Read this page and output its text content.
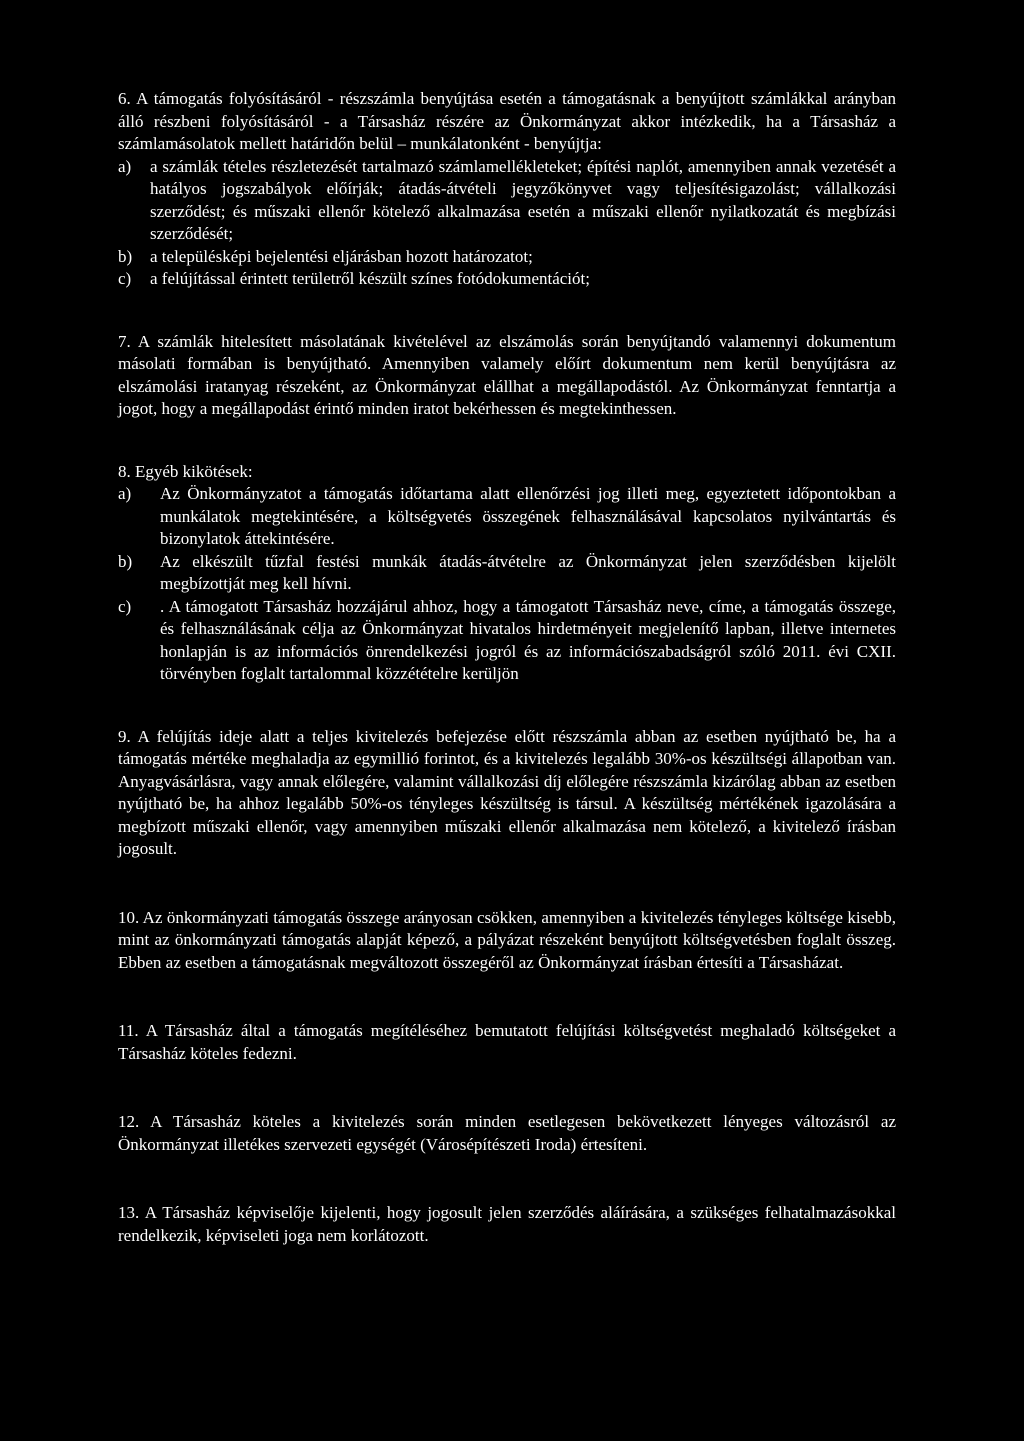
6. A támogatás folyósításáról - részszámla benyújtása esetén a támogatásnak a benyújtott számlákkal arányban álló részbeni folyósításáról - a Társasház részére az Önkormányzat akkor intézkedik, ha a Társasház a számlamásolatok mellett határidőn belül – munkálatonként - benyújtja:

a) a számlák tételes részletezését tartalmazó számlamellékleteket; építési naplót, amennyiben annak vezetését a hatályos jogszabályok előírják; átadás-átvételi jegyzőkönyvet vagy teljesítésigazolást; vállalkozási szerződést; és műszaki ellenőr kötelező alkalmazása esetén a műszaki ellenőr nyilatkozatát és megbízási szerződését;
b) a településképi bejelentési eljárásban hozott határozatot;
c) a felújítással érintett területről készült színes fotódokumentációt;

7. A számlák hitelesített másolatának kivételével az elszámolás során benyújtandó valamennyi dokumentum másolati formában is benyújtható. Amennyiben valamely előírt dokumentum nem kerül benyújtásra az elszámolási iratanyag részeként, az Önkormányzat elállhat a megállapodástól. Az Önkormányzat fenntartja a jogot, hogy a megállapodást érintő minden iratot bekérhessen és megtekinthessen.

8. Egyéb kikötések:

a) Az Önkormányzatot a támogatás időtartama alatt ellenőrzési jog illeti meg, egyeztetett időpontokban a munkálatok megtekintésére, a költségvetés összegének felhasználásával kapcsolatos nyilvántartás és bizonylatok áttekintésére.
b) Az elkészült tűzfal festési munkák átadás-átvételre az Önkormányzat jelen szerződésben kijelölt megbízottját meg kell hívni.
c) . A támogatott Társasház hozzájárul ahhoz, hogy a támogatott Társasház neve, címe, a támogatás összege, és felhasználásának célja az Önkormányzat hivatalos hirdetményeit megjelenítő lapban, illetve internetes honlapján is az információs önrendelkezési jogról és az információszabadságról szóló 2011. évi CXII. törvényben foglalt tartalommal közzétételre kerüljön

9. A felújítás ideje alatt a teljes kivitelezés befejezése előtt részszámla abban az esetben nyújtható be, ha a támogatás mértéke meghaladja az egymillió forintot, és a kivitelezés legalább 30%-os készültségi állapotban van. Anyagvásárlásra, vagy annak előlegére, valamint vállalkozási díj előlegére részszámla kizárólag abban az esetben nyújtható be, ha ahhoz legalább 50%-os tényleges készültség is társul. A készültség mértékének igazolására a megbízott műszaki ellenőr, vagy amennyiben műszaki ellenőr alkalmazása nem kötelező, a kivitelező írásban jogosult.

10. Az önkormányzati támogatás összege arányosan csökken, amennyiben a kivitelezés tényleges költsége kisebb, mint az önkormányzati támogatás alapját képező, a pályázat részeként benyújtott költségvetésben foglalt összeg. Ebben az esetben a támogatásnak megváltozott összegéről az Önkormányzat írásban értesíti a Társasházat.

11. A Társasház által a támogatás megítéléséhez bemutatott felújítási költségvetést meghaladó költségeket a Társasház köteles fedezni.

12. A Társasház köteles a kivitelezés során minden esetlegesen bekövetkezett lényeges változásról az Önkormányzat illetékes szervezeti egységét (Városépítészeti Iroda) értesíteni.

13. A Társasház képviselője kijelenti, hogy jogosult jelen szerződés aláírására, a szükséges felhatalmazásokkal rendelkezik, képviseleti joga nem korlátozott.
